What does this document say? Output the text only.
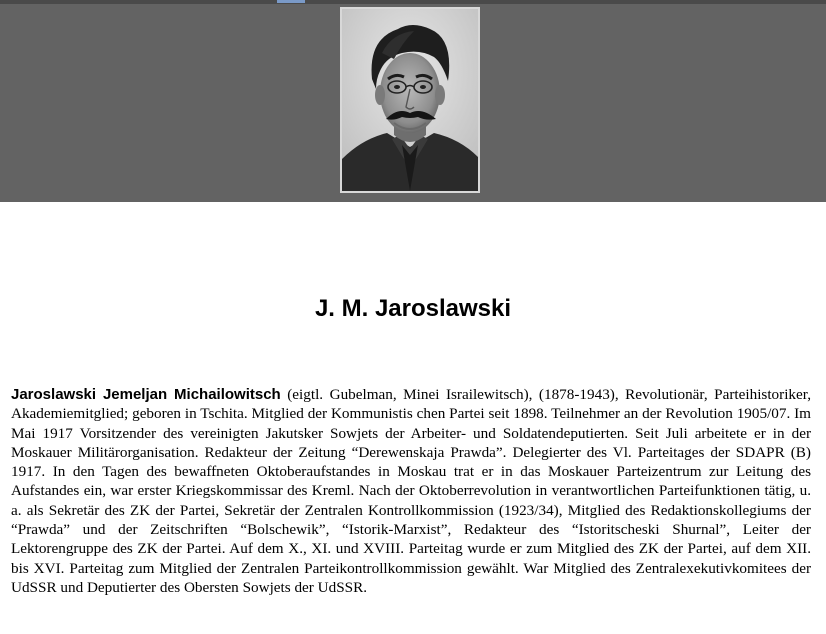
J. M. Jaroslawski

Jaroslawski Jemeljan Michailowitsch (eigtl. Gubelman, Minei Israilewitsch), (1878-1943), Revolutionär, Parteihistoriker, Akademiemitglied; geboren in Tschita. Mitglied der Kommunistis chen Partei seit 1898. Teilnehmer an der Revolution 1905/07. Im Mai 1917 Vorsitzender des vereinigten Jakutsker Sowjets der Arbeiter- und Soldatendeputierten. Seit Juli arbeitete er in der Moskauer Militärorganisation. Redakteur der Zeitung “Derewenskaja Prawda”. Delegierter des Vl. Parteitages der SDAPR (B) 1917. In den Tagen des bewaffneten Oktoberaufstandes in Moskau trat er in das Moskauer Parteizentrum zur Leitung des Aufstandes ein, war erster Kriegskommissar des Kreml. Nach der Oktoberrevolution in verantwortlichen Parteifunktionen tätig, u. a. als Sekretär des ZK der Partei, Sekretär der Zentralen Kontrollkommission (1923/34), Mitglied des Redaktionskollegiums der “Prawda” und der Zeitschriften “Bolschewik”, “Istorik-Marxist”, Redakteur des “Istoritscheski Shurnal”, Leiter der Lektorengruppe des ZK der Partei. Auf dem X., XI. und XVIII. Parteitag wurde er zum Mitglied des ZK der Partei, auf dem XII. bis XVI. Parteitag zum Mitglied der Zentralen Parteikontrollkommission gewählt. War Mitglied des Zentralexekutivkomitees der UdSSR und Deputierter des Obersten Sowjets der UdSSR.
